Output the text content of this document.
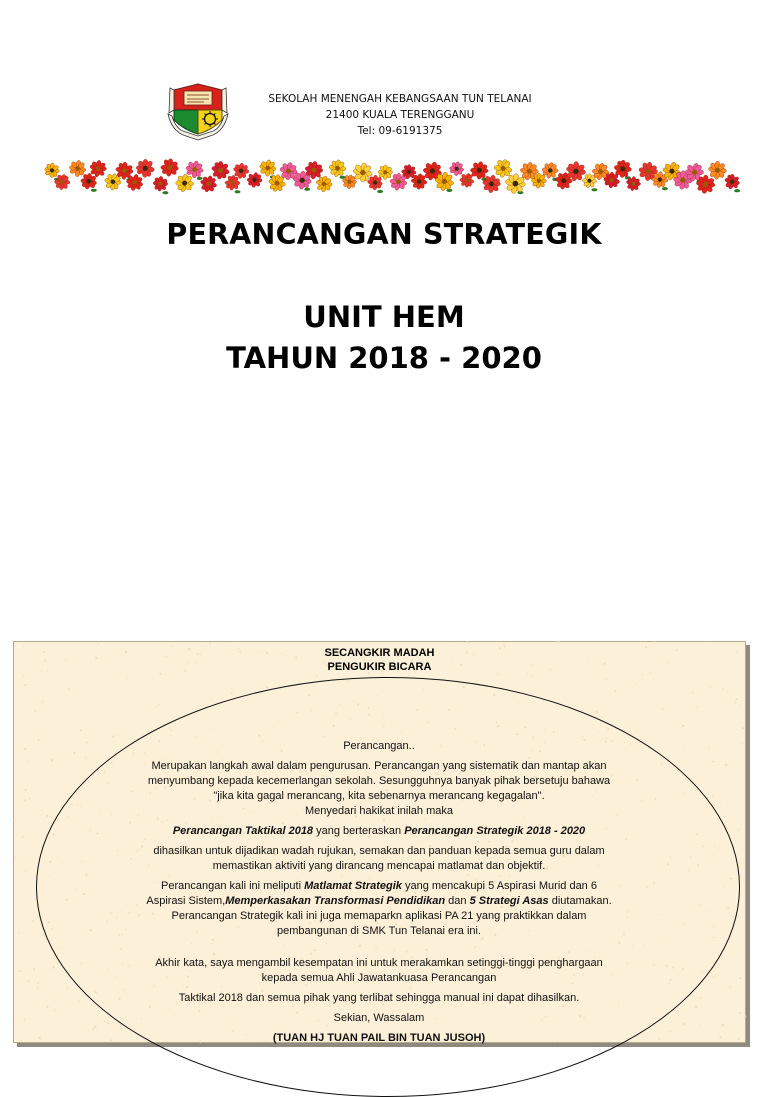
SEKOLAH MENENGAH KEBANGSAAN TUN TELANAI
21400 KUALA TERENGGANU
Tel: 09-6191375
PERANCANGAN STRATEGIK
UNIT HEM
TAHUN 2018 - 2020
SECANGKIR MADAH
PENGUKIR BICARA

Perancangan..

Merupakan langkah awal dalam pengurusan. Perancangan yang sistematik dan mantap akan menyumbang kepada kecemerlangan sekolah. Sesungguhnya banyak pihak bersetuju bahawa "jika kita gagal merancang, kita sebenarnya merancang kegagalan".

Menyedari hakikat inilah maka

Perancangan Taktikal 2018 yang berteraskan Perancangan Strategik 2018 - 2020

dihasilkan untuk dijadikan wadah rujukan, semakan dan panduan kepada semua guru dalam memastikan aktiviti yang dirancang mencapai matlamat dan objektif.

Perancangan kali ini meliputi Matlamat Strategik yang mencakupi 5 Aspirasi Murid dan 6 Aspirasi Sistem,Memperkasakan Transformasi Pendidikan dan 5 Strategi Asas diutamakan. Perancangan Strategik kali ini juga memaparkn aplikasi PA 21 yang praktikkan dalam pembangunan di SMK Tun Telanai era ini.

Akhir kata, saya mengambil kesempatan ini untuk merakamkan setinggi-tinggi penghargaan kepada semua Ahli Jawatankuasa Perancangan

Taktikal 2018 dan semua pihak yang terlibat sehingga manual ini dapat dihasilkan.

Sekian, Wassalam

(TUAN HJ TUAN PAIL BIN TUAN JUSOH)
